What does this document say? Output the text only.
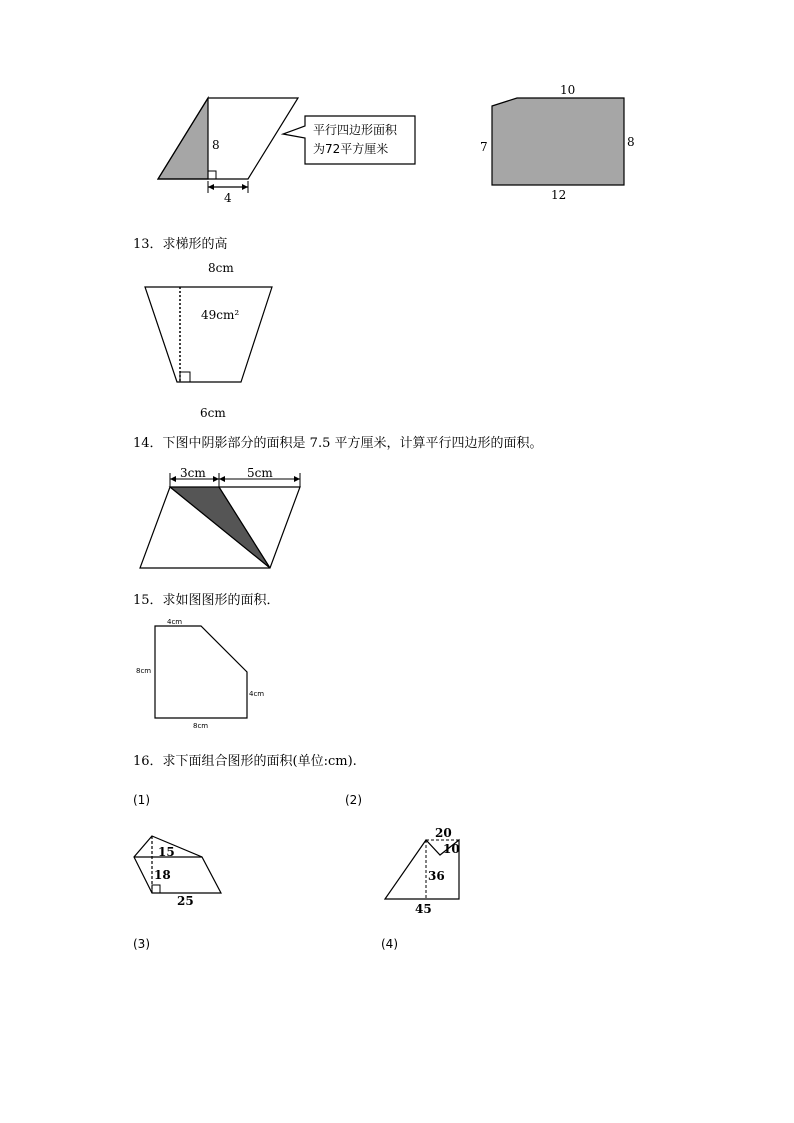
8
4
平行四边形面积
为72平方厘米
10
7	8
12
13．求梯形的高
8cm
49cm²
6cm
14．下图中阴影部分的面积是 7.5 平方厘米，计算平行四边形的面积。
3cm	5cm
15．求如图图形的面积．
4cm
8cm
4cm
8cm
16．求下面组合图形的面积(单位:cm).
(1)	(2)
15
18
25
20
10
36
45
(3)	(4)
